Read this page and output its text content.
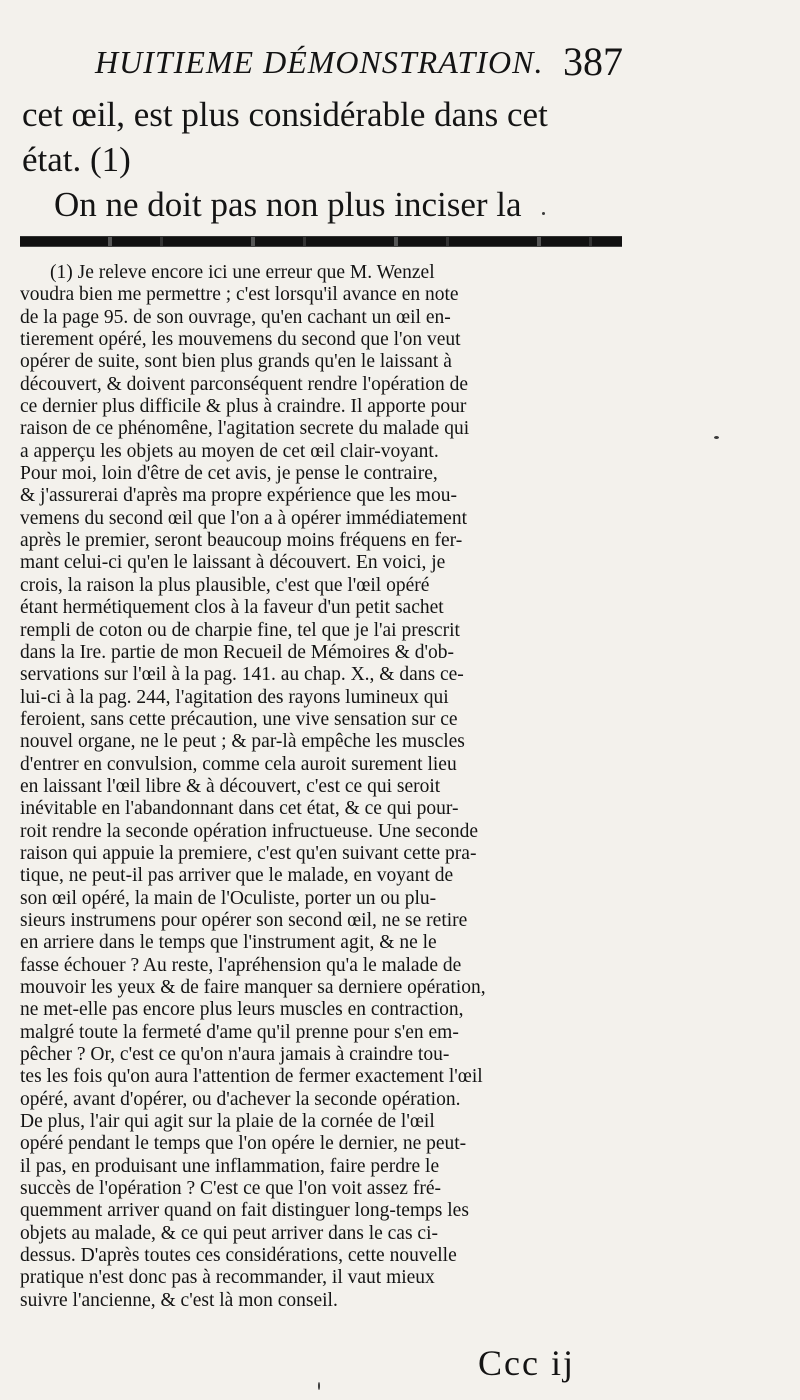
HUITIEME DÉMONSTRATION. 387
cet œil, est plus considérable dans cet
état. (1)
On ne doit pas non plus inciser la
(1) Je releve encore ici une erreur que M. Wenzel
voudra bien me permettre ; c'est lorsqu'il avance en note
de la page 95. de son ouvrage, qu'en cachant un œil en-
tierement opéré, les mouvemens du second que l'on veut
opérer de suite, sont bien plus grands qu'en le laissant à
découvert, & doivent parconséquent rendre l'opération de
ce dernier plus difficile & plus à craindre. Il apporte pour
raison de ce phénomêne, l'agitation secrete du malade qui
a apperçu les objets au moyen de cet œil clair-voyant.
Pour moi, loin d'être de cet avis, je pense le contraire,
& j'assurerai d'après ma propre expérience que les mou-
vemens du second œil que l'on a à opérer immédiatement
après le premier, seront beaucoup moins fréquens en fer-
mant celui-ci qu'en le laissant à découvert. En voici, je
crois, la raison la plus plausible, c'est que l'œil opéré
étant hermétiquement clos à la faveur d'un petit sachet
rempli de coton ou de charpie fine, tel que je l'ai prescrit
dans la Ire. partie de mon Recueil de Mémoires & d'ob-
servations sur l'œil à la pag. 141. au chap. X., & dans ce-
lui-ci à la pag. 244, l'agitation des rayons lumineux qui
feroient, sans cette précaution, une vive sensation sur ce
nouvel organe, ne le peut ; & par-là empêche les muscles
d'entrer en convulsion, comme cela auroit surement lieu
en laissant l'œil libre & à découvert, c'est ce qui seroit
inévitable en l'abandonnant dans cet état, & ce qui pour-
roit rendre la seconde opération infructueuse. Une seconde
raison qui appuie la premiere, c'est qu'en suivant cette pra-
tique, ne peut-il pas arriver que le malade, en voyant de
son œil opéré, la main de l'Oculiste, porter un ou plu-
sieurs instrumens pour opérer son second œil, ne se retire
en arriere dans le temps que l'instrument agit, & ne le
fasse échouer ? Au reste, l'apréhension qu'a le malade de
mouvoir les yeux & de faire manquer sa derniere opération,
ne met-elle pas encore plus leurs muscles en contraction,
malgré toute la fermeté d'ame qu'il prenne pour s'en em-
pêcher ? Or, c'est ce qu'on n'aura jamais à craindre tou-
tes les fois qu'on aura l'attention de fermer exactement l'œil
opéré, avant d'opérer, ou d'achever la seconde opération.
De plus, l'air qui agit sur la plaie de la cornée de l'œil
opéré pendant le temps que l'on opére le dernier, ne peut-
il pas, en produisant une inflammation, faire perdre le
succès de l'opération ? C'est ce que l'on voit assez fré-
quemment arriver quand on fait distinguer long-temps les
objets au malade, & ce qui peut arriver dans le cas ci-
dessus. D'après toutes ces considérations, cette nouvelle
pratique n'est donc pas à recommander, il vaut mieux
suivre l'ancienne, & c'est là mon conseil.
Ccc ij
